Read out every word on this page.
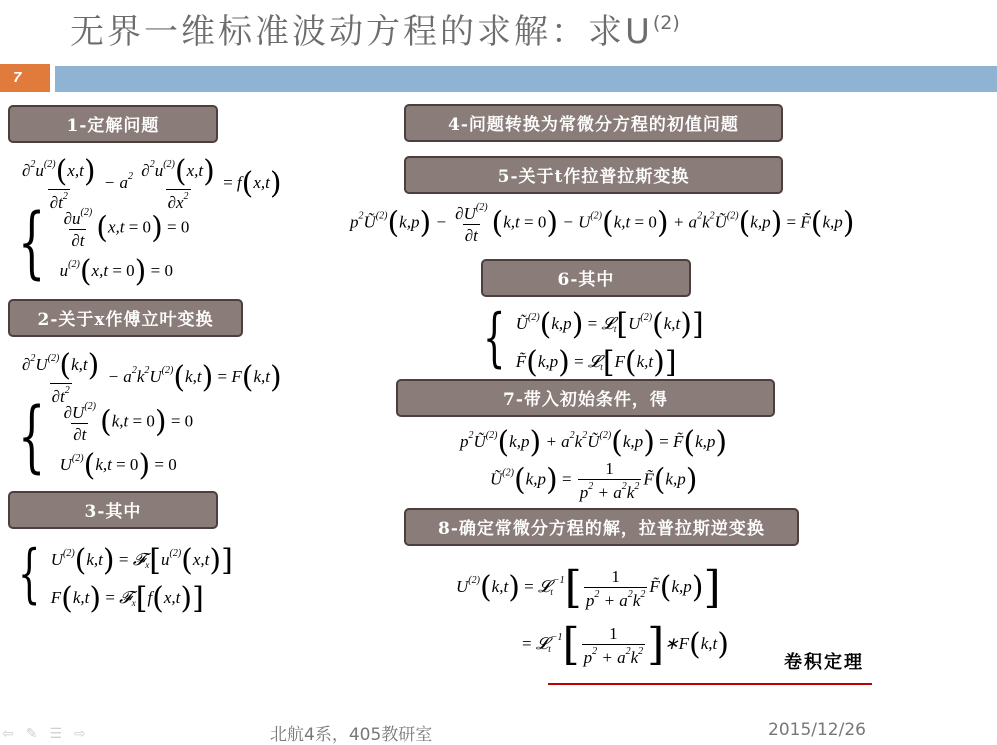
无界一维标准波动方程的求解：求$U^{(2)}$
7
1-定解问题
2-关于x作傅立叶变换
3-其中
4-问题转换为常微分方程的初值问题
5-关于t作拉普拉斯变换
6-其中
7-带入初始条件，得
8-确定常微分方程的解，拉普拉斯逆变换
$\frac{\partial^2u^{(2)}(x,t)}{\partial t^2} - a^2 \frac{\partial^2u^{(2)}(x,t)}{\partial x^2} = f(x,t)$
{ $\frac{\partial u^{(2)}}{\partial t} (x,t = 0) = 0$
$u^{(2)}(x,t = 0) = 0$
$\frac{\partial^2U^{(2)}(k,t)}{\partial t^2} - a^2k^2U^{(2)}(k,t) = F(k,t)$
{ $\frac{\partial U^{(2)}}{\partial t} (k,t = 0) = 0$
$U^{(2)}(k,t = 0) = 0$
{ $U^{(2)}(k,t)$ = $𝓕_x[u^{(2)}(x,t)]$
F(k,t) = 𝓕$_x$[f(x,t)]
$p^2Ũ^{(2)}(k,p) - \frac{\partial U^{(2)}}{\partial t} (k,t = 0) - U^{(2)}(k,t = 0)$ + $a^2k^2Ũ^{(2)}(k,p)$ = F̃(k,p)
{ $Ũ^{(2)}(k,p)$ = $𝓛_t[U^{(2)}(k,t)]$
F̃(k,p) = 𝓛$_t$[F(k,t)]
$p^2Ũ^{(2)}(k,p)$ + $a^2k^2Ũ^{(2)}(k,p)$ = F̃(k,p)
$Ũ^{(2)}(k,p) = \frac{1}{p^2 + a^2k^2}$ F̃(k,p)
$U^{(2)}(k,t)$ = 𝓛$_t^{-1}$[ $\frac{1}{p^2 + a^2k^2}$ F̃(k,p)]
= 𝓛$_t^{-1}$[ $\frac{1}{p^2 + a^2k^2}$ ]∗F(k,t)
卷积定理
北航4系，405教研室	2015/12/26
⇦✎☰⇨
